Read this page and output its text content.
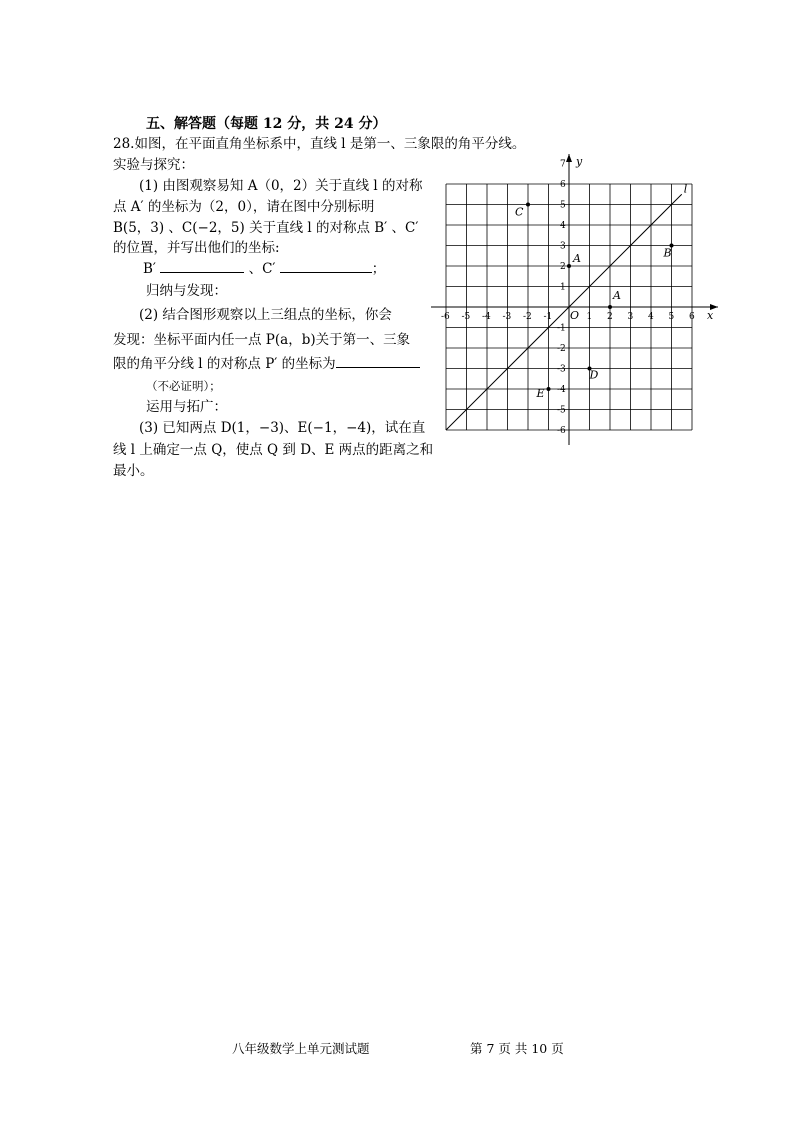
五、解答题（每题 12 分，共 24 分）
28.如图，在平面直角坐标系中，直线 l 是第一、三象限的角平分线。
实验与探究：
(1) 由图观察易知 A（0，2）关于直线 l 的对称
点 A′ 的坐标为（2，0），请在图中分别标明
B(5，3) 、C(−2，5) 关于直线 l 的对称点 B′ 、C′
的位置，并写出他们的坐标:
B′	、C′	；
归纳与发现：
(2) 结合图形观察以上三组点的坐标，你会
发现：坐标平面内任一点 P(a，b)关于第一、三象
限的角平分线 l 的对称点 P′ 的坐标为
（不必证明）；
运用与拓广：
(3) 已知两点 D(1，−3)、E(−1，−4)，试在直
线 l 上确定一点 Q，使点 Q 到 D、E 两点的距离之和
最小。
x
y
O
-6 -5 -4 -3 -2 -1	1 2 3 4 5 6
7
6
5
4
3
2
1
-1
-2
-3
-4
-5
-6
l
A
A
B
C
D
E
八年级数学上单元测试题	第 7 页 共 10 页
